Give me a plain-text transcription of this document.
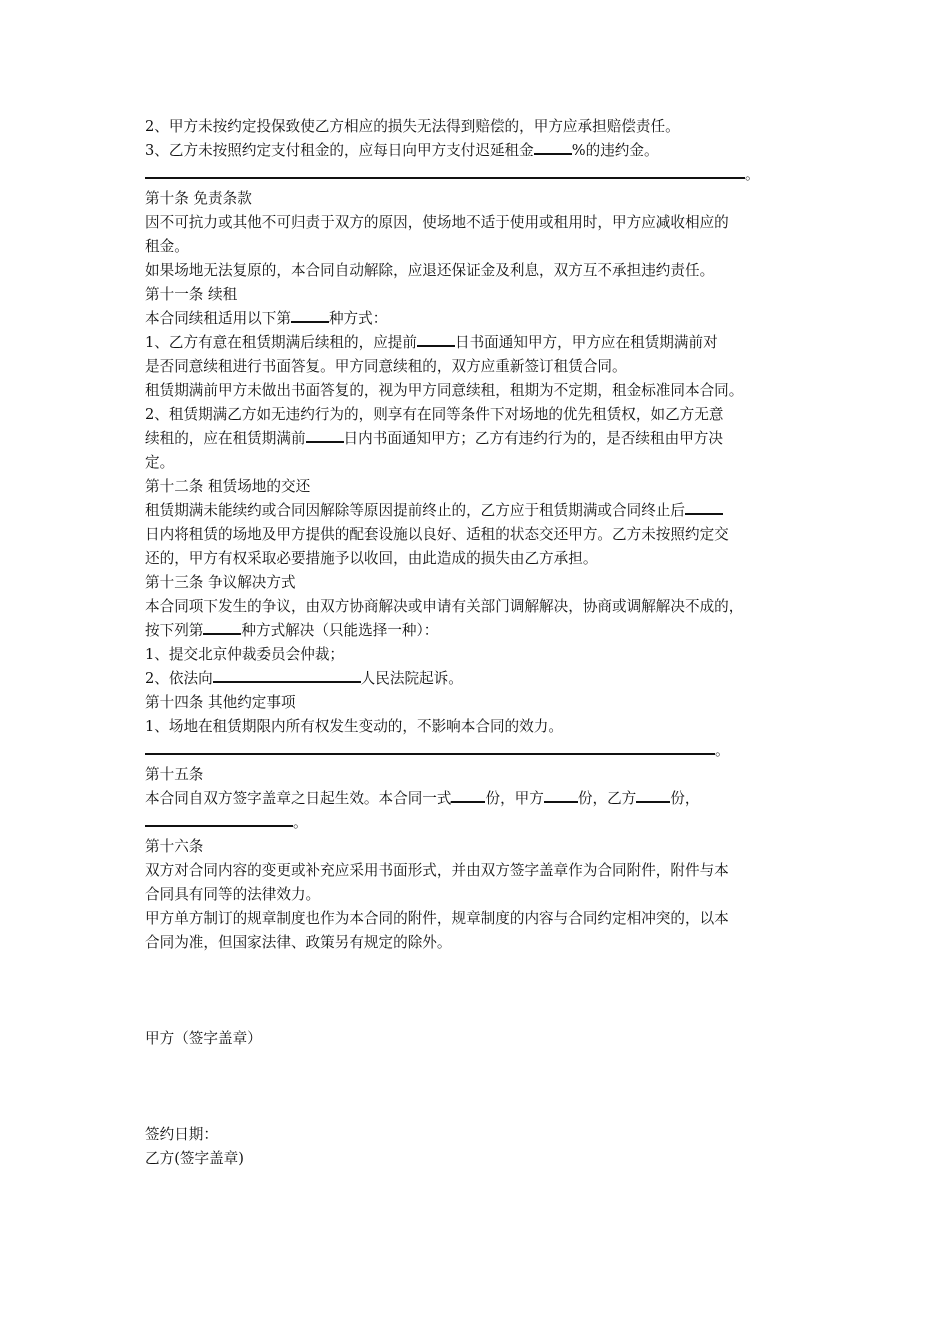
2、甲方未按约定投保致使乙方相应的损失无法得到赔偿的，甲方应承担赔偿责任。
3、乙方未按照约定支付租金的，应每日向甲方支付迟延租金	%的违约金。
。
第十条 免责条款
因不可抗力或其他不可归责于双方的原因，使场地不适于使用或租用时，甲方应减收相应的
租金。
如果场地无法复原的，本合同自动解除，应退还保证金及利息，双方互不承担违约责任。
第十一条 续租
本合同续租适用以下第	种方式：
1、乙方有意在租赁期满后续租的，应提前	日书面通知甲方，甲方应在租赁期满前对
是否同意续租进行书面答复。甲方同意续租的，双方应重新签订租赁合同。
租赁期满前甲方未做出书面答复的，视为甲方同意续租，租期为不定期，租金标准同本合同。
2、租赁期满乙方如无违约行为的，则享有在同等条件下对场地的优先租赁权，如乙方无意
续租的，应在租赁期满前	日内书面通知甲方；乙方有违约行为的，是否续租由甲方决
定。
第十二条 租赁场地的交还
租赁期满未能续约或合同因解除等原因提前终止的，乙方应于租赁期满或合同终止后
日内将租赁的场地及甲方提供的配套设施以良好、适租的状态交还甲方。乙方未按照约定交
还的，甲方有权采取必要措施予以收回，由此造成的损失由乙方承担。
第十三条 争议解决方式
本合同项下发生的争议，由双方协商解决或申请有关部门调解解决，协商或调解解决不成的，
按下列第	种方式解决（只能选择一种）：
1、提交北京仲裁委员会仲裁；
2、依法向	人民法院起诉。
第十四条 其他约定事项
1、场地在租赁期限内所有权发生变动的，不影响本合同的效力。
。
第十五条
本合同自双方签字盖章之日起生效。本合同一式 份，甲方 份，乙方 份，
。
第十六条
双方对合同内容的变更或补充应采用书面形式，并由双方签字盖章作为合同附件，附件与本
合同具有同等的法律效力。
甲方单方制订的规章制度也作为本合同的附件，规章制度的内容与合同约定相冲突的，以本
合同为准，但国家法律、政策另有规定的除外。
甲方（签字盖章）
签约日期：
乙方(签字盖章)
